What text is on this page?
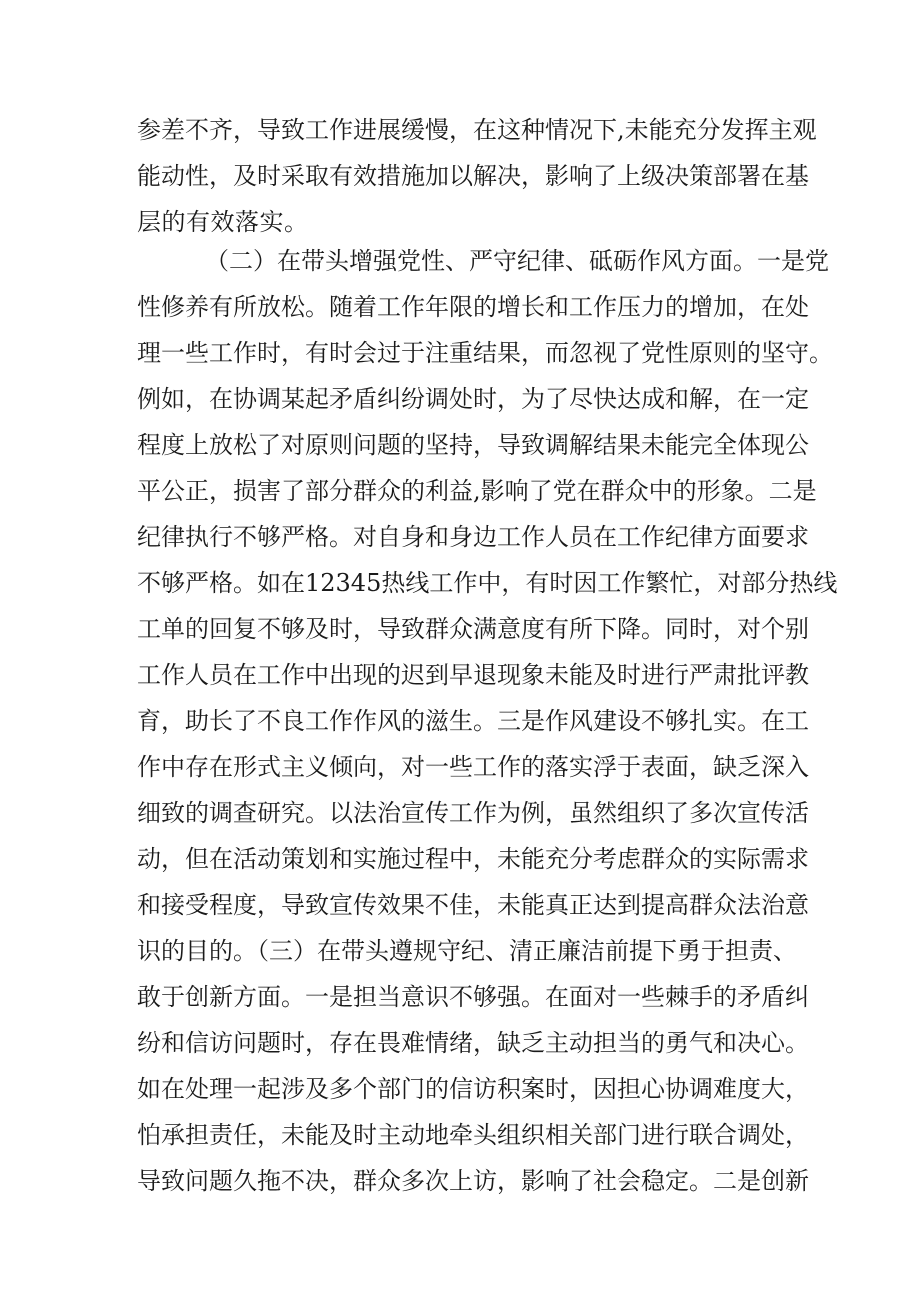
参差不齐，导致工作进展缓慢，在这种情况下,未能充分发挥主观
能动性，及时采取有效措施加以解决，影响了上级决策部署在基
层的有效落实。
（二）在带头增强党性、严守纪律、砥砺作风方面。一是党
性修养有所放松。随着工作年限的增长和工作压力的增加，在处
理一些工作时，有时会过于注重结果，而忽视了党性原则的坚守。
例如，在协调某起矛盾纠纷调处时，为了尽快达成和解，在一定
程度上放松了对原则问题的坚持，导致调解结果未能完全体现公
平公正，损害了部分群众的利益,影响了党在群众中的形象。二是
纪律执行不够严格。对自身和身边工作人员在工作纪律方面要求
不够严格。如在12345热线工作中，有时因工作繁忙，对部分热线
工单的回复不够及时，导致群众满意度有所下降。同时，对个别
工作人员在工作中出现的迟到早退现象未能及时进行严肃批评教
育，助长了不良工作作风的滋生。三是作风建设不够扎实。在工
作中存在形式主义倾向，对一些工作的落实浮于表面，缺乏深入
细致的调查研究。以法治宣传工作为例，虽然组织了多次宣传活
动，但在活动策划和实施过程中，未能充分考虑群众的实际需求
和接受程度，导致宣传效果不佳，未能真正达到提高群众法治意
识的目的。（三）在带头遵规守纪、清正廉洁前提下勇于担责、
敢于创新方面。一是担当意识不够强。在面对一些棘手的矛盾纠
纷和信访问题时，存在畏难情绪，缺乏主动担当的勇气和决心。
如在处理一起涉及多个部门的信访积案时，因担心协调难度大，
怕承担责任，未能及时主动地牵头组织相关部门进行联合调处，
导致问题久拖不决，群众多次上访，影响了社会稳定。二是创新
